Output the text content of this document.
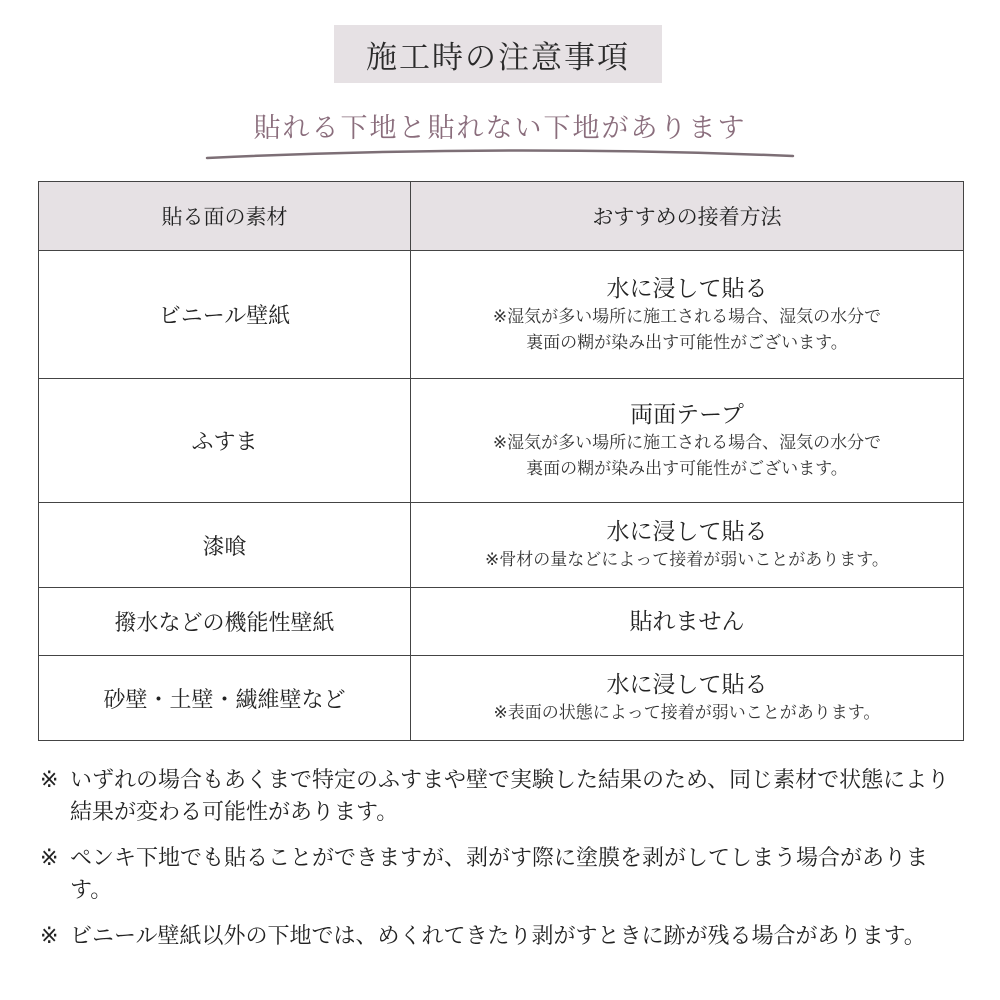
施工時の注意事項
貼れる下地と貼れない下地があります
貼る面の素材	おすすめの接着方法
ビニール壁紙	水に浸して貼る

※湿気が多い場所に施工される場合、湿気の水分で

裏面の糊が染み出す可能性がございます。

ふすま	両面テープ

※湿気が多い場所に施工される場合、湿気の水分で

裏面の糊が染み出す可能性がございます。

漆喰	水に浸して貼る

※骨材の量などによって接着が弱いことがあります。

撥水などの機能性壁紙	貼れません

砂壁・土壁・繊維壁など	水に浸して貼る

※表面の状態によって接着が弱いことがあります。

※ いずれの場合もあくまで特定のふすまや壁で実験した結果のため、同じ素材で状態により結果が変わる可能性があります。
※ ペンキ下地でも貼ることができますが、剥がす際に塗膜を剥がしてしまう場合があります。
※ ビニール壁紙以外の下地では、めくれてきたり剥がすときに跡が残る場合があります。
